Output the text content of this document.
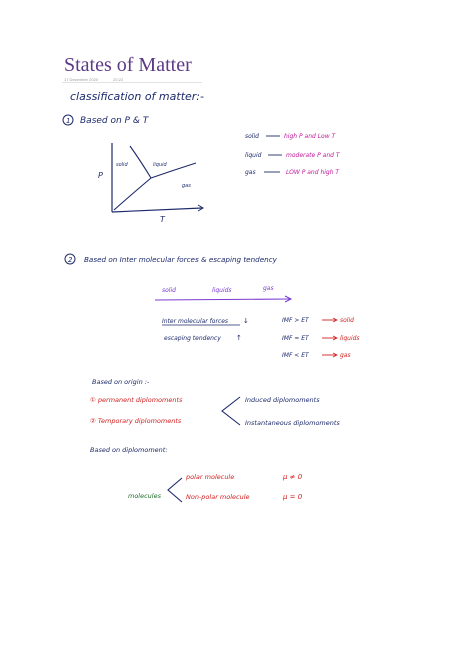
States of Matter
17 December 2020	20:22
classification of matter:-
1 Based on P & T
P
T
solid	liquid
gas
solid	high P and Low T
liquid	moderate P and T
gas	LOW P and high T
2 Based on Inter molecular forces & escaping tendency
solid	liquids	gas
Inter molecular forces ↓
escaping tendency ↑
IMF > ET	solid
IMF ≈ ET	liquids
IMF < ET	gas
Based on origin :-
① permanent diplomoments
② Temporary diplomoments
Induced diplomoments
Instantaneous diplomoments
Based on diplomoment:
molecules
polar molecule	μ ≠ 0
Non-polar molecule	μ = 0
